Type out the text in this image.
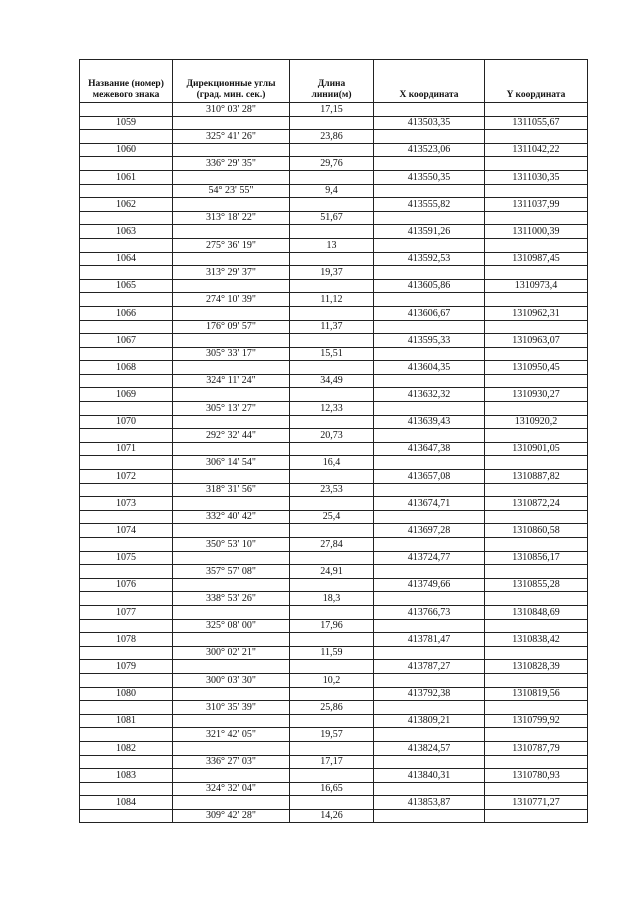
Название (номер) межевого знака	Дирекционные углы (град. мин. сек.)	Длина линии(м)	X координата	Y координата
	310° 03' 28"	17,15		
1059			413503,35	1311055,67
	325° 41' 26"	23,86		
1060			413523,06	1311042,22
	336° 29' 35"	29,76		
1061			413550,35	1311030,35
	54° 23' 55"	9,4		
1062			413555,82	1311037,99
	313° 18' 22"	51,67		
1063			413591,26	1311000,39
	275° 36' 19"	13		
1064			413592,53	1310987,45
	313° 29' 37"	19,37		
1065			413605,86	1310973,4
	274° 10' 39"	11,12		
1066			413606,67	1310962,31
	176° 09' 57"	11,37		
1067			413595,33	1310963,07
	305° 33' 17"	15,51		
1068			413604,35	1310950,45
	324° 11' 24"	34,49		
1069			413632,32	1310930,27
	305° 13' 27"	12,33		
1070			413639,43	1310920,2
	292° 32' 44"	20,73		
1071			413647,38	1310901,05
	306° 14' 54"	16,4		
1072			413657,08	1310887,82
	318° 31' 56"	23,53		
1073			413674,71	1310872,24
	332° 40' 42"	25,4		
1074			413697,28	1310860,58
	350° 53' 10"	27,84		
1075			413724,77	1310856,17
	357° 57' 08"	24,91		
1076			413749,66	1310855,28
	338° 53' 26"	18,3		
1077			413766,73	1310848,69
	325° 08' 00"	17,96		
1078			413781,47	1310838,42
	300° 02' 21"	11,59		
1079			413787,27	1310828,39
	300° 03' 30"	10,2		
1080			413792,38	1310819,56
	310° 35' 39"	25,86		
1081			413809,21	1310799,92
	321° 42' 05"	19,57		
1082			413824,57	1310787,79
	336° 27' 03"	17,17		
1083			413840,31	1310780,93
	324° 32' 04"	16,65		
1084			413853,87	1310771,27
	309° 42' 28"	14,26		
